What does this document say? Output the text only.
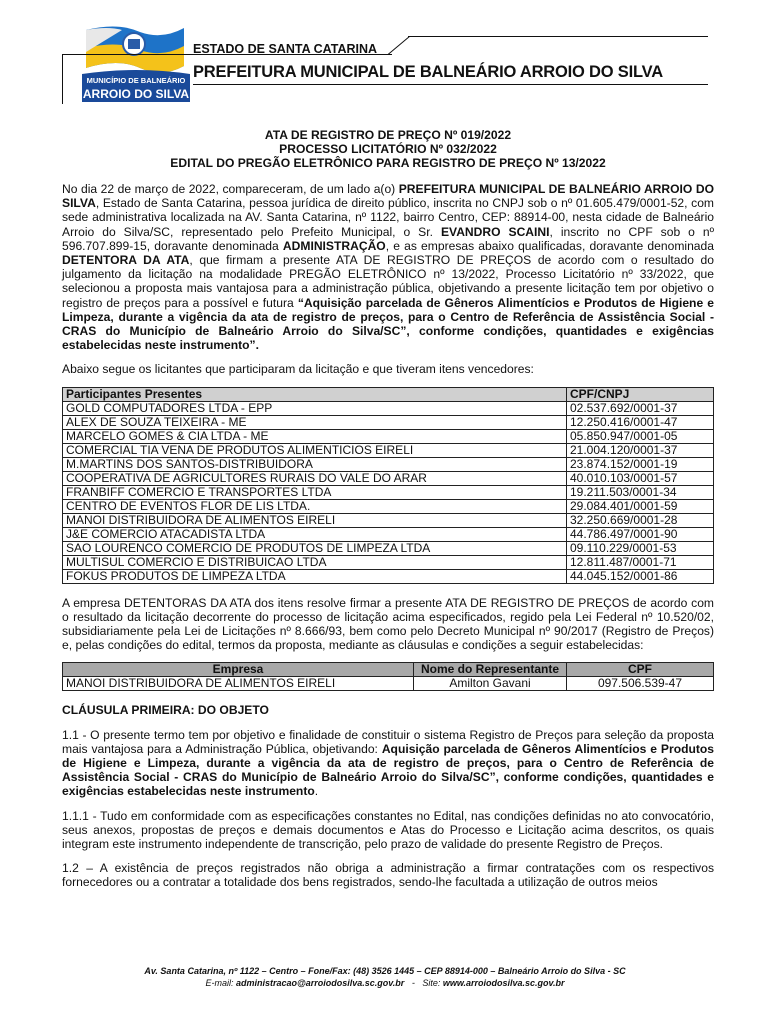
MUNICÍPIO DE BALNEÁRIO
ARROIO DO SILVA
ESTADO DE SANTA CATARINA
PREFEITURA MUNICIPAL DE BALNEÁRIO ARROIO DO SILVA
ATA DE REGISTRO DE PREÇO Nº 019/2022
PROCESSO LICITATÓRIO Nº 032/2022
EDITAL DO PREGÃO ELETRÔNICO PARA REGISTRO DE PREÇO Nº 13/2022

No dia 22 de março de 2022, compareceram, de um lado a(o) PREFEITURA MUNICIPAL DE BALNEÁRIO ARROIO DO SILVA, Estado de Santa Catarina, pessoa jurídica de direito público, inscrita no CNPJ sob o nº 01.605.479/0001-52, com sede administrativa localizada na AV. Santa Catarina, nº 1122, bairro Centro, CEP: 88914-00, nesta cidade de Balneário Arroio do Silva/SC, representado pelo Prefeito Municipal, o Sr. EVANDRO SCAINI, inscrito no CPF sob o nº 596.707.899-15, doravante denominada ADMINISTRAÇÃO, e as empresas abaixo qualificadas, doravante denominada DETENTORA DA ATA, que firmam a presente ATA DE REGISTRO DE PREÇOS de acordo com o resultado do julgamento da licitação na modalidade PREGÃO ELETRÔNICO nº 13/2022, Processo Licitatório nº 33/2022, que selecionou a proposta mais vantajosa para a administração pública, objetivando a presente licitação tem por objetivo o registro de preços para a possível e futura “Aquisição parcelada de Gêneros Alimentícios e Produtos de Higiene e Limpeza, durante a vigência da ata de registro de preços, para o Centro de Referência de Assistência Social - CRAS do Município de Balneário Arroio do Silva/SC”, conforme condições, quantidades e exigências estabelecidas neste instrumento”.

Abaixo segue os licitantes que participaram da licitação e que tiveram itens vencedores:

Participantes Presentes	CPF/CNPJ
GOLD COMPUTADORES LTDA - EPP	02.537.692/0001-37
ALEX DE SOUZA TEIXEIRA - ME	12.250.416/0001-47
MARCELO GOMES & CIA LTDA - ME	05.850.947/0001-05
COMERCIAL TIA VENA DE PRODUTOS ALIMENTICIOS EIRELI	21.004.120/0001-37
M.MARTINS DOS SANTOS-DISTRIBUIDORA	23.874.152/0001-19
COOPERATIVA DE AGRICULTORES RURAIS DO VALE DO ARAR	40.010.103/0001-57
FRANBIFF COMERCIO E TRANSPORTES LTDA	19.211.503/0001-34
CENTRO DE EVENTOS FLOR DE LIS LTDA.	29.084.401/0001-59
MANOI DISTRIBUIDORA DE ALIMENTOS EIRELI	32.250.669/0001-28
J&E COMERCIO ATACADISTA LTDA	44.786.497/0001-90
SAO LOURENCO COMERCIO DE PRODUTOS DE LIMPEZA LTDA	09.110.229/0001-53
MULTISUL COMERCIO E DISTRIBUICAO LTDA	12.811.487/0001-71
FOKUS PRODUTOS DE LIMPEZA LTDA	44.045.152/0001-86

A empresa DETENTORAS DA ATA dos itens resolve firmar a presente ATA DE REGISTRO DE PREÇOS de acordo com o resultado da licitação decorrente do processo de licitação acima especificados, regido pela Lei Federal nº 10.520/02, subsidiariamente pela Lei de Licitações nº 8.666/93, bem como pelo Decreto Municipal nº 90/2017 (Registro de Preços) e, pelas condições do edital, termos da proposta, mediante as cláusulas e condições a seguir estabelecidas:

Empresa	Nome do Representante	CPF
MANOI DISTRIBUIDORA DE ALIMENTOS EIRELI	Amilton Gavani	097.506.539-47
CLÁUSULA PRIMEIRA: DO OBJETO

1.1 - O presente termo tem por objetivo e finalidade de constituir o sistema Registro de Preços para seleção da proposta mais vantajosa para a Administração Pública, objetivando: Aquisição parcelada de Gêneros Alimentícios e Produtos de Higiene e Limpeza, durante a vigência da ata de registro de preços, para o Centro de Referência de Assistência Social - CRAS do Município de Balneário Arroio do Silva/SC”, conforme condições, quantidades e exigências estabelecidas neste instrumento.

1.1.1 - Tudo em conformidade com as especificações constantes no Edital, nas condições definidas no ato convocatório, seus anexos, propostas de preços e demais documentos e Atas do Processo e Licitação acima descritos, os quais integram este instrumento independente de transcrição, pelo prazo de validade do presente Registro de Preços.

1.2 – A existência de preços registrados não obriga a administração a firmar contratações com os respectivos fornecedores ou a contratar a totalidade dos bens registrados, sendo-lhe facultada a utilização de outros meios

Av. Santa Catarina, nº 1122 – Centro – Fone/Fax: (48) 3526 1445 – CEP 88914-000 – Balneário Arroio do Silva - SC
E-mail: administracao@arroiodosilva.sc.gov.br   -   Site: www.arroiodosilva.sc.gov.br
